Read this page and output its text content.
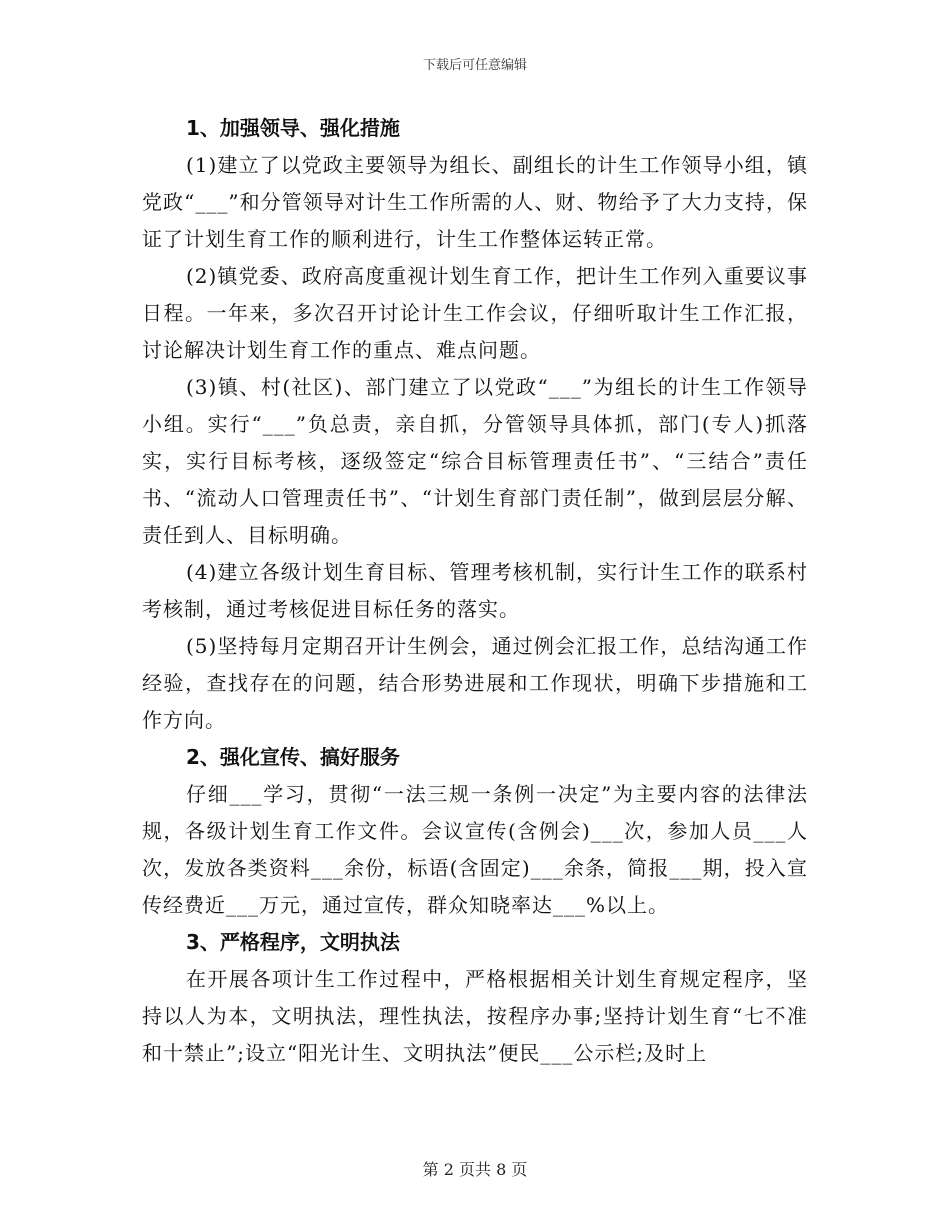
下载后可任意编辑
1、加强领导、强化措施

(1)建立了以党政主要领导为组长、副组长的计生工作领导小组，镇党政“___”和分管领导对计生工作所需的人、财、物给予了大力支持，保证了计划生育工作的顺利进行，计生工作整体运转正常。

(2)镇党委、政府高度重视计划生育工作，把计生工作列入重要议事日程。一年来，多次召开讨论计生工作会议，仔细听取计生工作汇报，讨论解决计划生育工作的重点、难点问题。

(3)镇、村(社区)、部门建立了以党政“___”为组长的计生工作领导小组。实行“___”负总责，亲自抓，分管领导具体抓，部门(专人)抓落实，实行目标考核，逐级签定“综合目标管理责任书”、“三结合”责任书、“流动人口管理责任书”、“计划生育部门责任制”，做到层层分解、责任到人、目标明确。

(4)建立各级计划生育目标、管理考核机制，实行计生工作的联系村考核制，通过考核促进目标任务的落实。

(5)坚持每月定期召开计生例会，通过例会汇报工作，总结沟通工作经验，查找存在的问题，结合形势进展和工作现状，明确下步措施和工作方向。

2、强化宣传、搞好服务

仔细___学习，贯彻“一法三规一条例一决定”为主要内容的法律法规，各级计划生育工作文件。会议宣传(含例会)___次，参加人员___人次，发放各类资料___余份，标语(含固定)___余条，简报___期，投入宣传经费近___万元，通过宣传，群众知晓率达___%以上。

3、严格程序，文明执法

在开展各项计生工作过程中，严格根据相关计划生育规定程序，坚持以人为本，文明执法，理性执法，按程序办事;坚持计划生育“七不准和十禁止”;设立“阳光计生、文明执法”便民___公示栏;及时上

第 2 页共 8 页
